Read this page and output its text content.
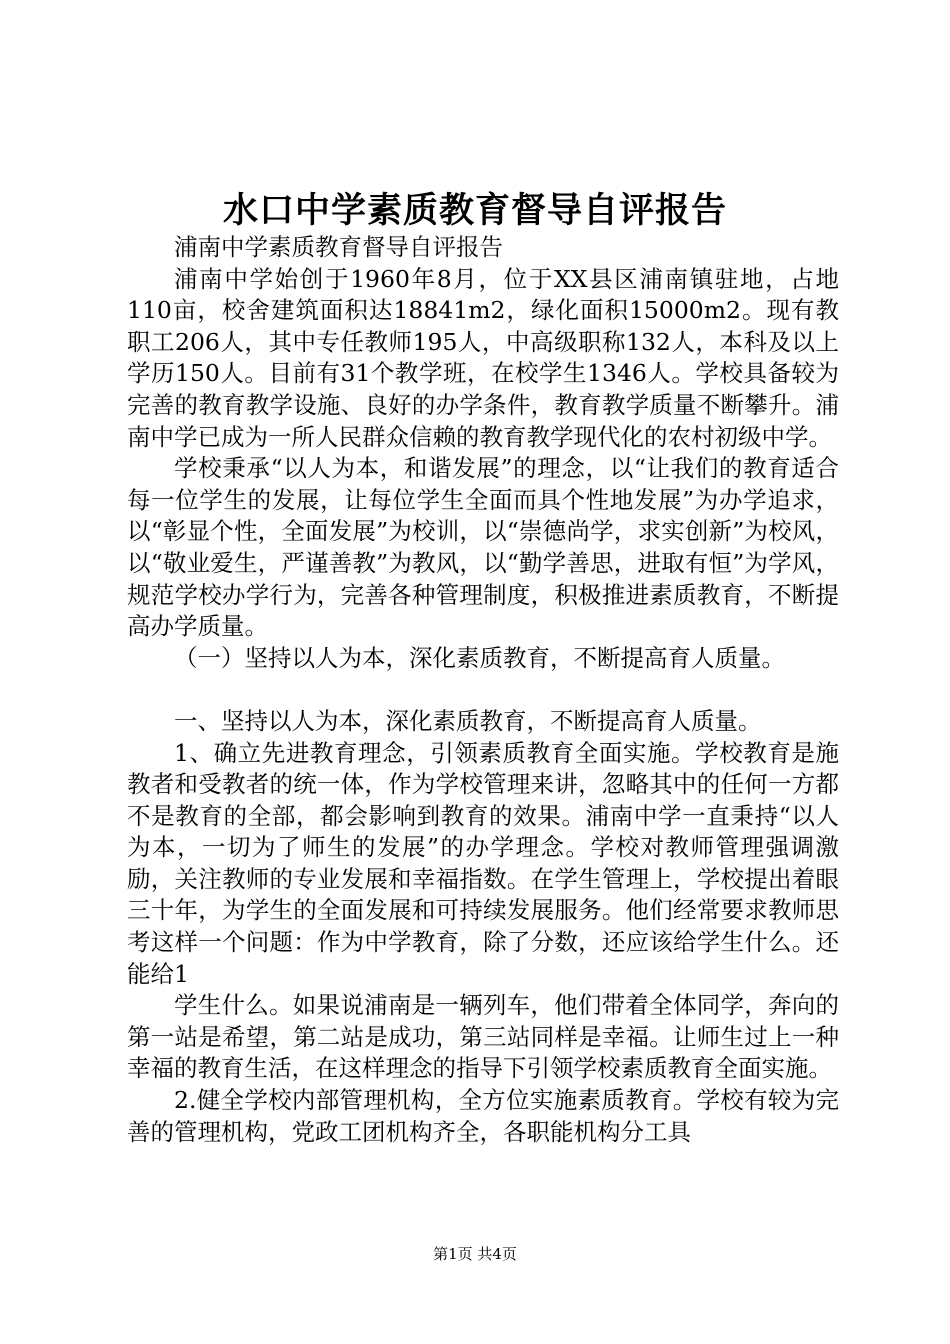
水口中学素质教育督导自评报告

浦南中学素质教育督导自评报告

浦南中学始创于1960年8月，位于XX县区浦南镇驻地，占地110亩，校舍建筑面积达18841m2，绿化面积15000m2。现有教职工206人，其中专任教师195人，中高级职称132人，本科及以上学历150人。目前有31个教学班，在校学生1346人。学校具备较为完善的教育教学设施、良好的办学条件，教育教学质量不断攀升。浦南中学已成为一所人民群众信赖的教育教学现代化的农村初级中学。

学校秉承“以人为本，和谐发展”的理念，以“让我们的教育适合每一位学生的发展，让每位学生全面而具个性地发展”为办学追求，以“彰显个性，全面发展”为校训，以“崇德尚学，求实创新”为校风，以“敬业爱生，严谨善教”为教风，以“勤学善思，进取有恒”为学风，规范学校办学行为，完善各种管理制度，积极推进素质教育，不断提高办学质量。

（一）坚持以人为本，深化素质教育，不断提高育人质量。

一、坚持以人为本，深化素质教育，不断提高育人质量。

1、确立先进教育理念，引领素质教育全面实施。学校教育是施教者和受教者的统一体，作为学校管理来讲，忽略其中的任何一方都不是教育的全部，都会影响到教育的效果。浦南中学一直秉持“以人为本，一切为了师生的发展”的办学理念。学校对教师管理强调激励，关注教师的专业发展和幸福指数。在学生管理上，学校提出着眼三十年，为学生的全面发展和可持续发展服务。他们经常要求教师思考这样一个问题：作为中学教育，除了分数，还应该给学生什么。还能给1

学生什么。如果说浦南是一辆列车，他们带着全体同学，奔向的第一站是希望，第二站是成功，第三站同样是幸福。让师生过上一种幸福的教育生活，在这样理念的指导下引领学校素质教育全面实施。

2.健全学校内部管理机构，全方位实施素质教育。学校有较为完善的管理机构，党政工团机构齐全，各职能机构分工具

第1页 共4页
